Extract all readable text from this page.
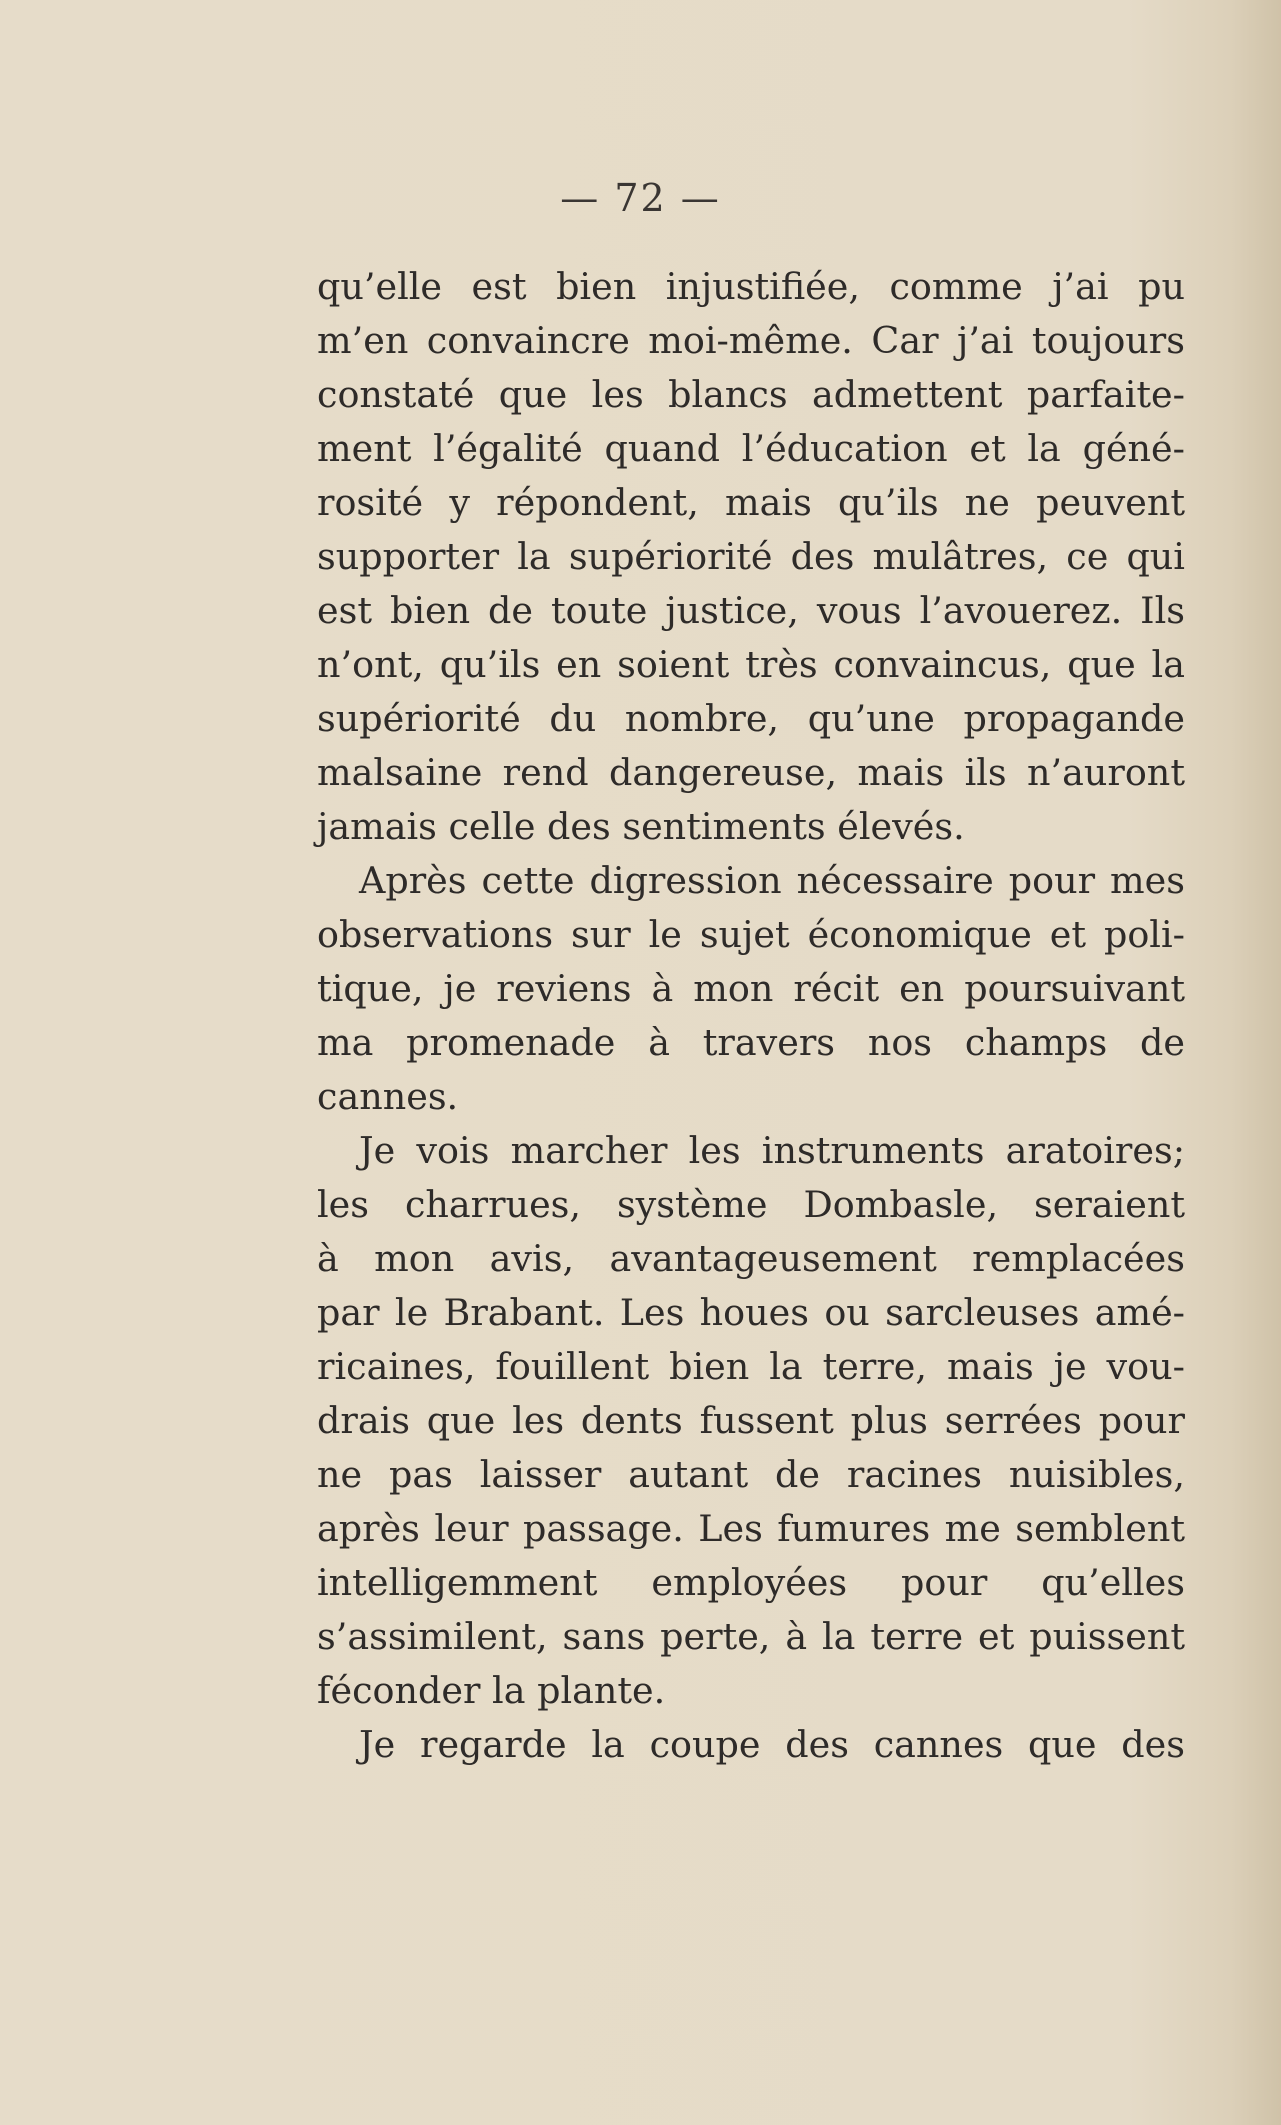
— 72 —
qu’elle est bien injustifiée, comme j’ai pu
m’en convaincre moi-même. Car j’ai toujours
constaté que les blancs admettent parfaite-
ment l’égalité quand l’éducation et la géné-
rosité y répondent, mais qu’ils ne peuvent
supporter la supériorité des mulâtres, ce qui
est bien de toute justice, vous l’avouerez. Ils
n’ont, qu’ils en soient très convaincus, que la
supériorité du nombre, qu’une propagande
malsaine rend dangereuse, mais ils n’auront
jamais celle des sentiments élevés.
Après cette digression nécessaire pour mes
observations sur le sujet économique et poli-
tique, je reviens à mon récit en poursuivant
ma promenade à travers nos champs de
cannes.
Je vois marcher les instruments aratoires;
les charrues, système Dombasle, seraient
à mon avis, avantageusement remplacées
par le Brabant. Les houes ou sarcleuses amé-
ricaines, fouillent bien la terre, mais je vou-
drais que les dents fussent plus serrées pour
ne pas laisser autant de racines nuisibles,
après leur passage. Les fumures me semblent
intelligemment employées pour qu’elles
s’assimilent, sans perte, à la terre et puissent
féconder la plante.
Je regarde la coupe des cannes que des
